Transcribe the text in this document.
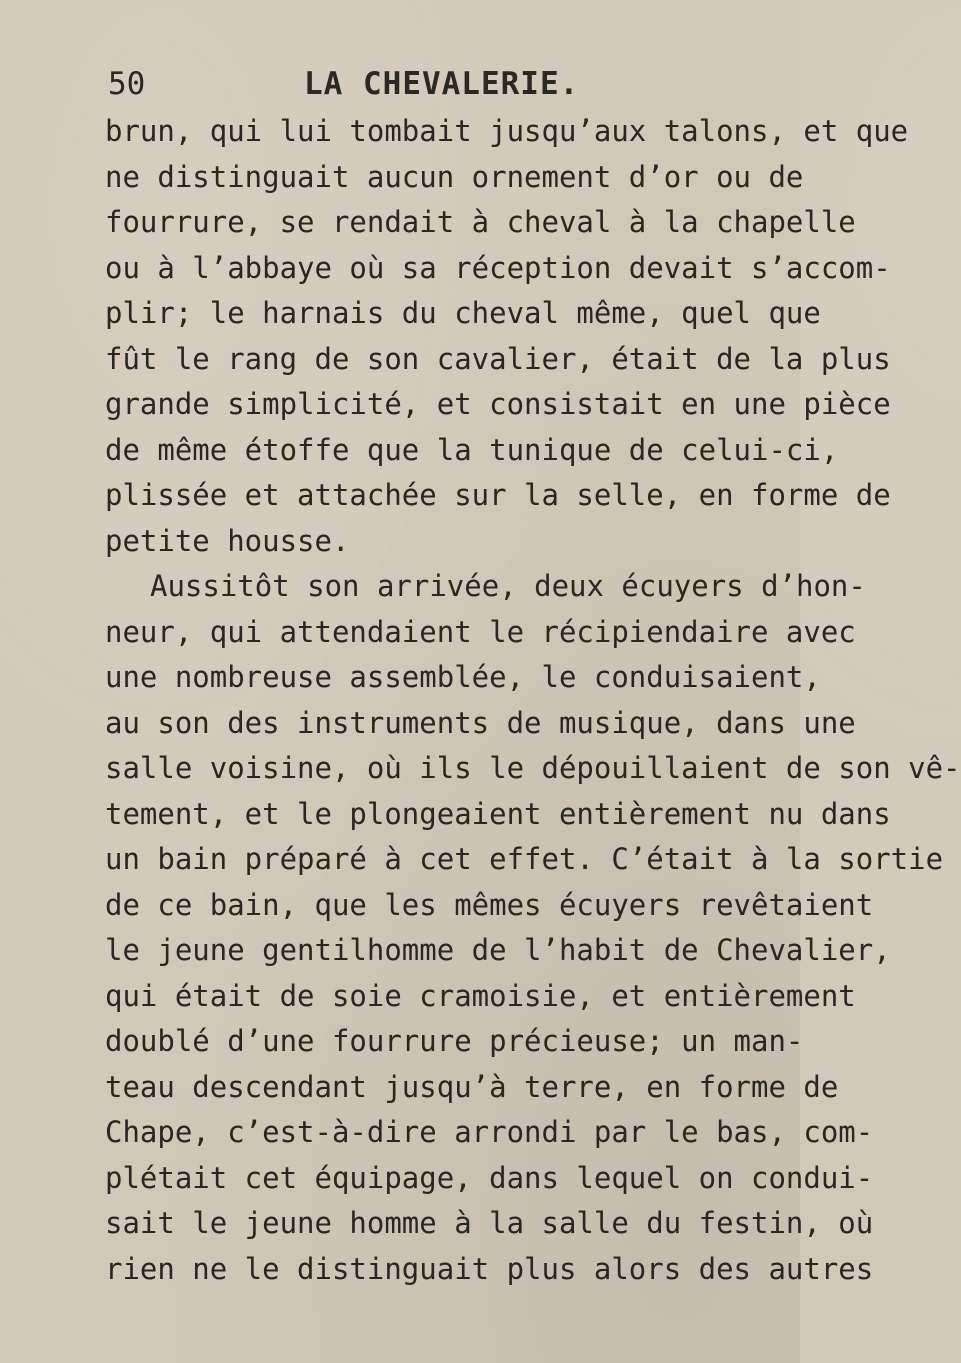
50	LA CHEVALERIE.
brun, qui lui tombait jusqu’aux talons, et que
ne distinguait aucun ornement d’or ou de
fourrure, se rendait à cheval à la chapelle
ou à l’abbaye où sa réception devait s’accom-
plir; le harnais du cheval même, quel que
fût le rang de son cavalier, était de la plus
grande simplicité, et consistait en une pièce
de même étoffe que la tunique de celui-ci,
plissée et attachée sur la selle, en forme de
petite housse.
Aussitôt son arrivée, deux écuyers d’hon-
neur, qui attendaient le récipiendaire avec
une nombreuse assemblée, le conduisaient,
au son des instruments de musique, dans une
salle voisine, où ils le dépouillaient de son vê-
tement, et le plongeaient entièrement nu dans
un bain préparé à cet effet. C’était à la sortie
de ce bain, que les mêmes écuyers revêtaient
le jeune gentilhomme de l’habit de Chevalier,
qui était de soie cramoisie, et entièrement
doublé d’une fourrure précieuse; un man-
teau descendant jusqu’à terre, en forme de
Chape, c’est-à-dire arrondi par le bas, com-
plétait cet équipage, dans lequel on condui-
sait le jeune homme à la salle du festin, où
rien ne le distinguait plus alors des autres
